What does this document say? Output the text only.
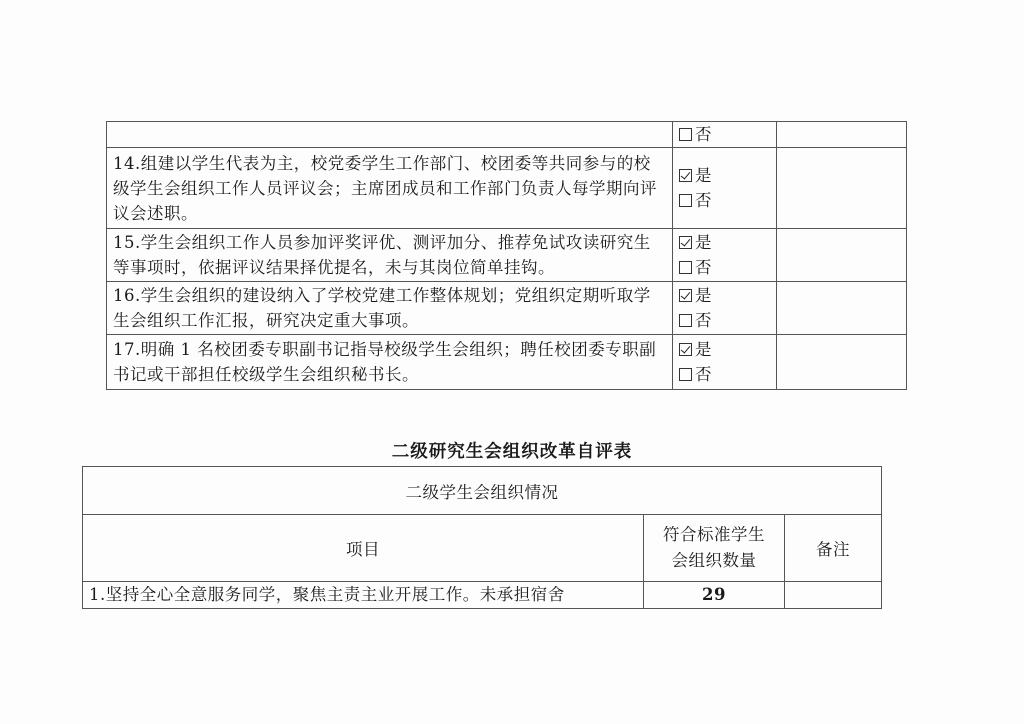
	否	

14.组建以学生代表为主，校党委学生工作部门、校团委等共同参与的校级学生会组织工作人员评议会；主席团成员和工作部门负责人每学期向评议会述职。	是
否	

15.学生会组织工作人员参加评奖评优、测评加分、推荐免试攻读研究生等事项时，依据评议结果择优提名，未与其岗位简单挂钩。	是
否	

16.学生会组织的建设纳入了学校党建工作整体规划；党组织定期听取学生会组织工作汇报，研究决定重大事项。	是
否	

17.明确 1 名校团委专职副书记指导校级学生会组织；聘任校团委专职副书记或干部担任校级学生会组织秘书长。	是
否	

二级研究生会组织改革自评表
二级学生会组织情况		
项目	符合标准学生会组织数量	备注
1.坚持全心全意服务同学，聚焦主责主业开展工作。未承担宿舍	29	
